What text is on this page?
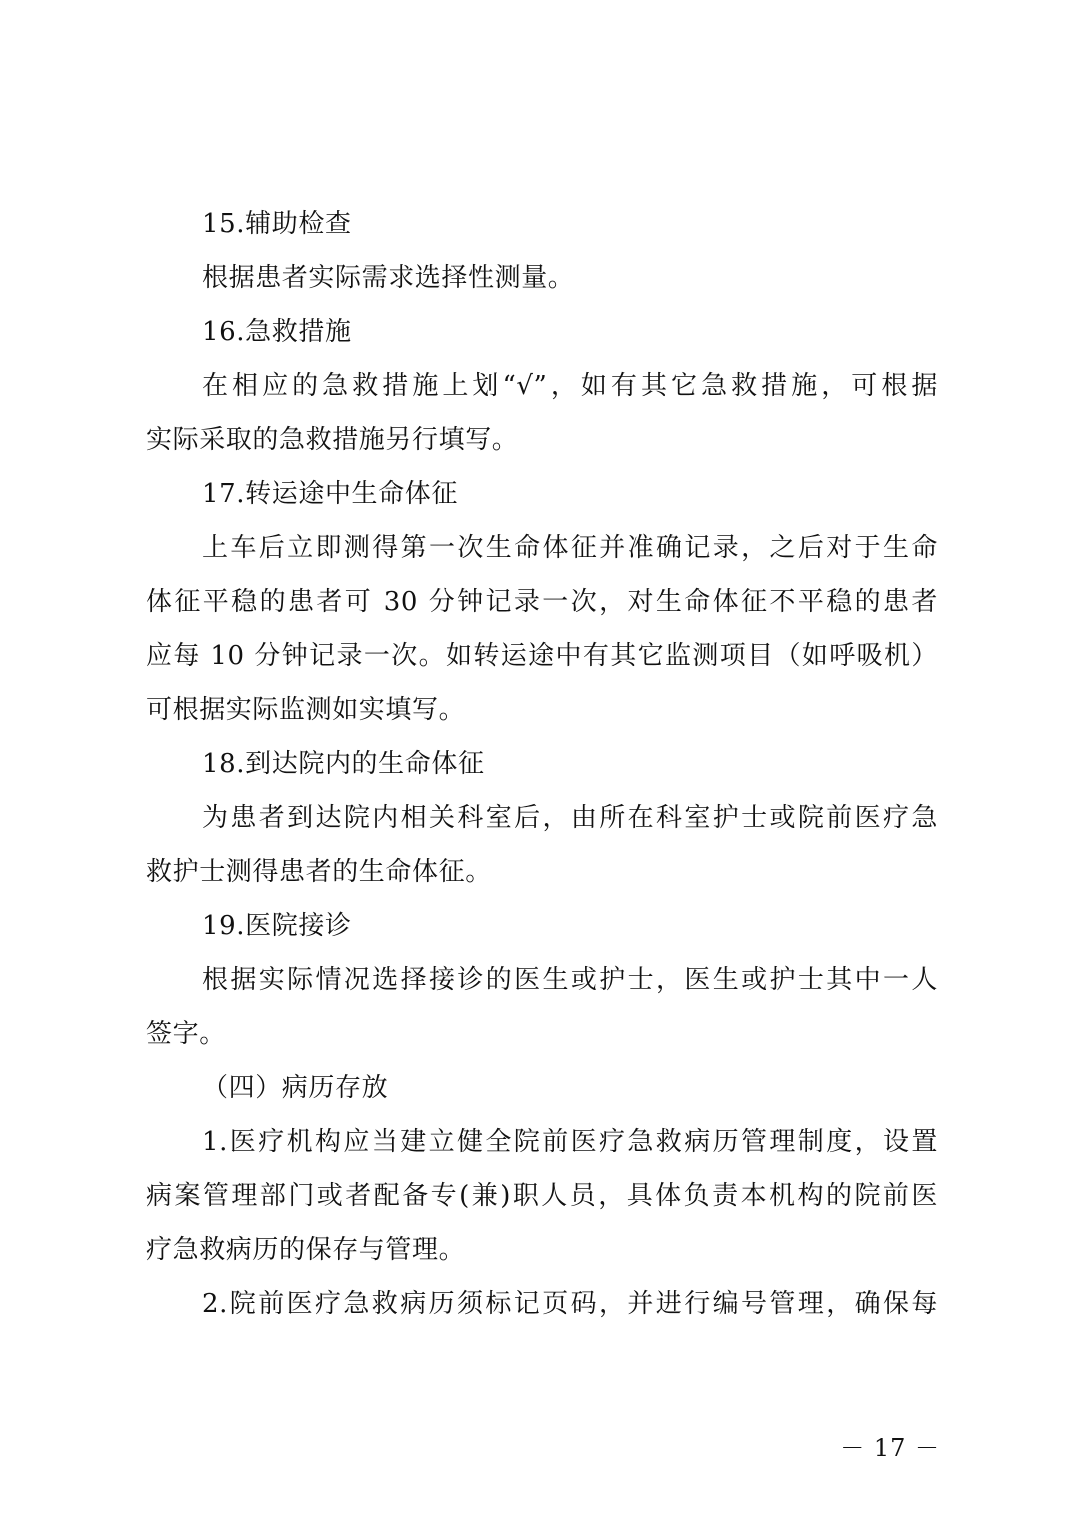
15.辅助检查
根据患者实际需求选择性测量。
16.急救措施
在相应的急救措施上划“√”，如有其它急救措施，可根据
实际采取的急救措施另行填写。
17.转运途中生命体征
上车后立即测得第一次生命体征并准确记录，之后对于生命
体征平稳的患者可 30 分钟记录一次，对生命体征不平稳的患者
应每 10 分钟记录一次。如转运途中有其它监测项目（如呼吸机）
可根据实际监测如实填写。
18.到达院内的生命体征
为患者到达院内相关科室后，由所在科室护士或院前医疗急
救护士测得患者的生命体征。
19.医院接诊
根据实际情况选择接诊的医生或护士，医生或护士其中一人
签字。
（四）病历存放
1.医疗机构应当建立健全院前医疗急救病历管理制度，设置
病案管理部门或者配备专(兼)职人员，具体负责本机构的院前医
疗急救病历的保存与管理。
2.院前医疗急救病历须标记页码，并进行编号管理，确保每
－ 17 －
